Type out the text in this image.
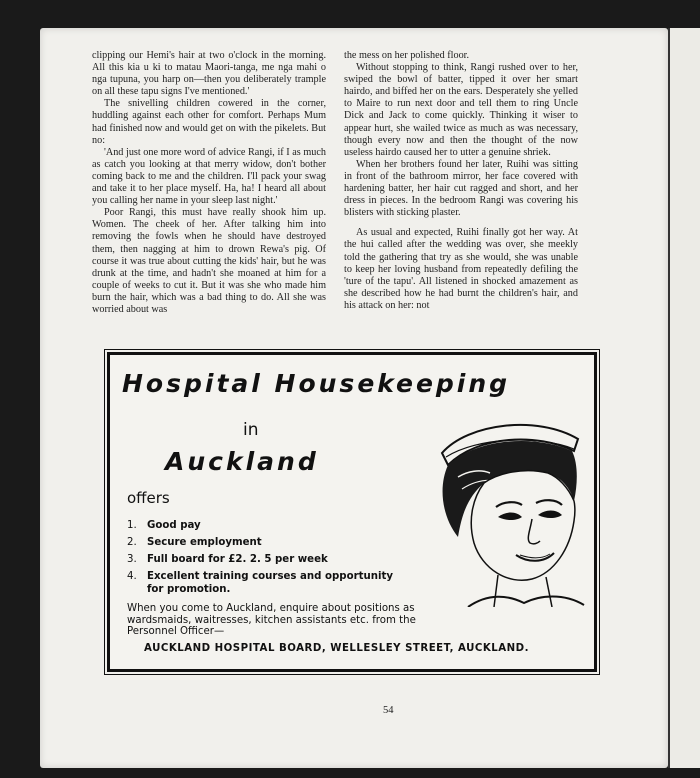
clipping our Hemi's hair at two o'clock in the morning. All this kia u ki to matau Maori-tanga, me nga mahi o nga tupuna, you harp on—then you deliberately trample on all these tapu signs I've mentioned.'

The snivelling children cowered in the corner, huddling against each other for comfort. Perhaps Mum had finished now and would get on with the pikelets. But no:

'And just one more word of advice Rangi, if I as much as catch you looking at that merry widow, don't bother coming back to me and the children. I'll pack your swag and take it to her place myself. Ha, ha! I heard all about you calling her name in your sleep last night.'

Poor Rangi, this must have really shook him up. Women. The cheek of her. After talking him into removing the fowls when he should have destroyed them, then nagging at him to drown Rewa's pig. Of course it was true about cutting the kids' hair, but he was drunk at the time, and hadn't she moaned at him for a couple of weeks to cut it. But it was she who made him burn the hair, which was a bad thing to do. All she was worried about was

the mess on her polished floor.

Without stopping to think, Rangi rushed over to her, swiped the bowl of batter, tipped it over her smart hairdo, and biffed her on the ears. Desperately she yelled to Maire to run next door and tell them to ring Uncle Dick and Jack to come quickly. Thinking it wiser to appear hurt, she wailed twice as much as was necessary, though every now and then the thought of the now useless hairdo caused her to utter a genuine shriek.

When her brothers found her later, Ruihi was sitting in front of the bathroom mirror, her face covered with hardening batter, her hair cut ragged and short, and her dress in pieces. In the bedroom Rangi was covering his blisters with sticking plaster.

As usual and expected, Ruihi finally got her way. At the hui called after the wedding was over, she meekly told the gathering that try as she would, she was unable to keep her loving husband from repeatedly defiling the 'ture of the tapu'. All listened in shocked amazement as she described how he had burnt the children's hair, and his attack on her: not

Hospital Housekeeping
in
Auckland
offers
1.	Good pay
2.	Secure employment
3.	Full board for £2. 2. 5 per week
4.	Excellent training courses and opportunity for promotion.
When you come to Auckland, enquire about positions as wardsmaids, waitresses, kitchen assistants etc. from the Personnel Officer—
AUCKLAND HOSPITAL BOARD, WELLESLEY STREET, AUCKLAND.
54
